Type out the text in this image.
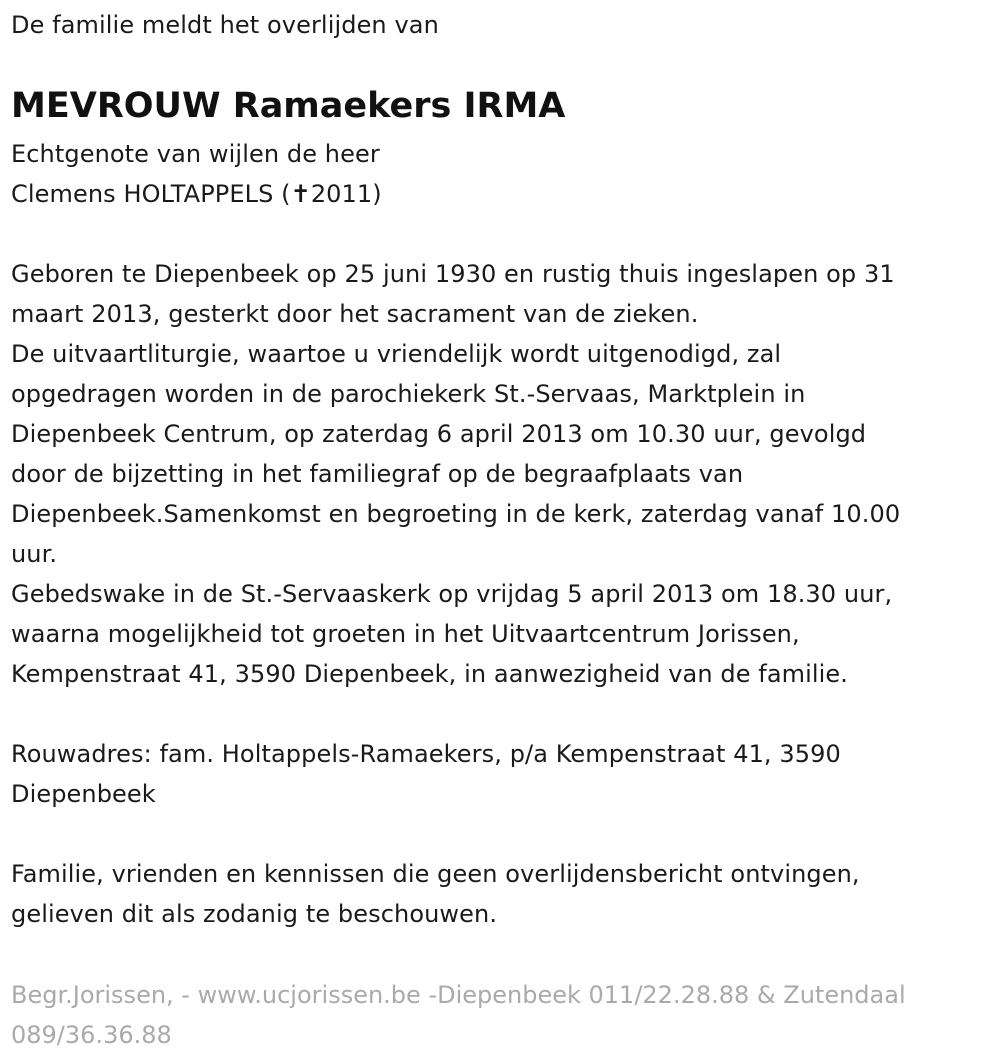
De familie meldt het overlijden van
MEVROUW Ramaekers IRMA
Echtgenote van wijlen de heer
Clemens HOLTAPPELS (✝2011)
Geboren te Diepenbeek op 25 juni 1930 en rustig thuis ingeslapen op 31
maart 2013, gesterkt door het sacrament van de zieken.
De uitvaartliturgie, waartoe u vriendelijk wordt uitgenodigd, zal
opgedragen worden in de parochiekerk St.-Servaas, Marktplein in
Diepenbeek Centrum, op zaterdag 6 april 2013 om 10.30 uur, gevolgd
door de bijzetting in het familiegraf op de begraafplaats van
Diepenbeek.Samenkomst en begroeting in de kerk, zaterdag vanaf 10.00
uur.
Gebedswake in de St.-Servaaskerk op vrijdag 5 april 2013 om 18.30 uur,
waarna mogelijkheid tot groeten in het Uitvaartcentrum Jorissen,
Kempenstraat 41, 3590 Diepenbeek, in aanwezigheid van de familie.
Rouwadres: fam. Holtappels-Ramaekers, p/a Kempenstraat 41, 3590
Diepenbeek
Familie, vrienden en kennissen die geen overlijdensbericht ontvingen,
gelieven dit als zodanig te beschouwen.
Begr.Jorissen, - www.ucjorissen.be -Diepenbeek 011/22.28.88 & Zutendaal
089/36.36.88
